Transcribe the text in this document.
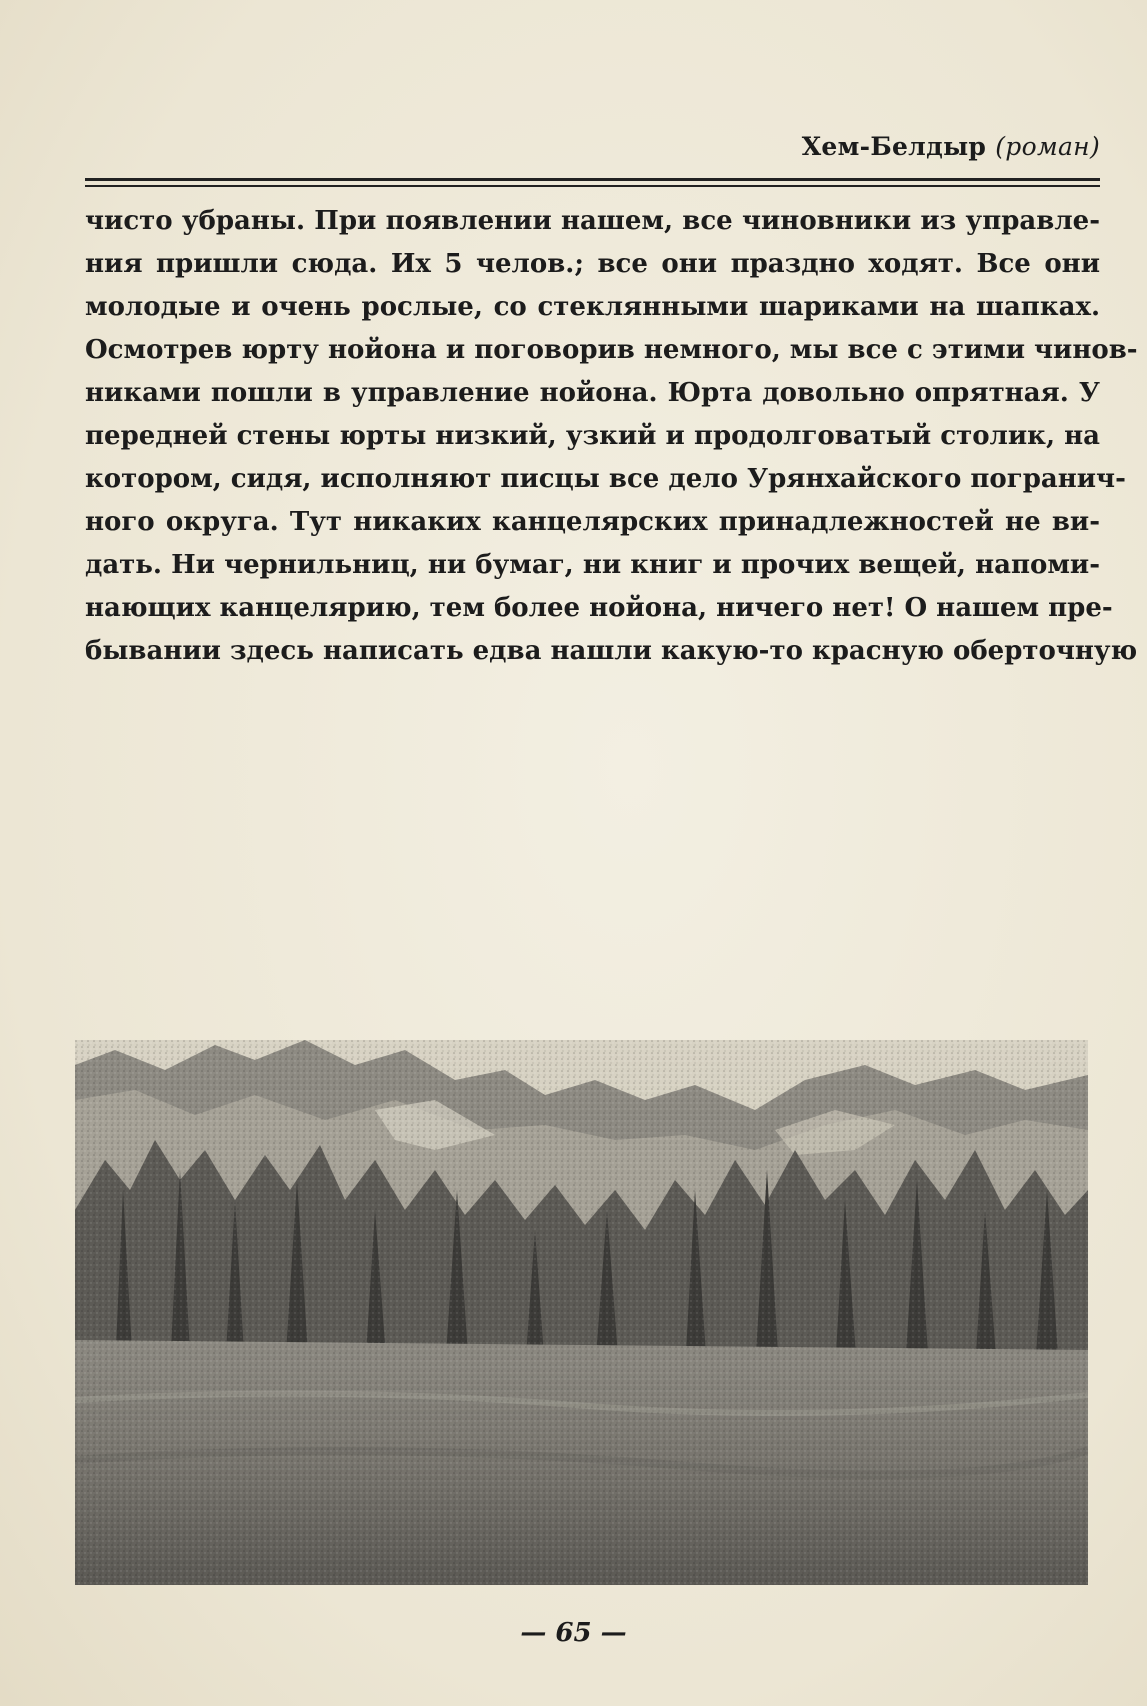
Хем-Белдыр (роман)
чисто убраны. При появлении нашем, все чиновники из управле-
ния пришли сюда. Их 5 челов.; все они праздно ходят. Все они
молодые и очень рослые, со стеклянными шариками на шапках.
Осмотрев юрту нойона и поговорив немного, мы все с этими чинов-
никами пошли в управление нойона. Юрта довольно опрятная. У
передней стены юрты низкий, узкий и продолговатый столик, на
котором, сидя, исполняют писцы все дело Урянхайского погранич-
ного округа. Тут никаких канцелярских принадлежностей не ви-
дать. Ни чернильниц, ни бумаг, ни книг и прочих вещей, напоми-
нающих канцелярию, тем более нойона, ничего нет! О нашем пре-
бывании здесь написать едва нашли какую-то красную оберточную
— 65 —
